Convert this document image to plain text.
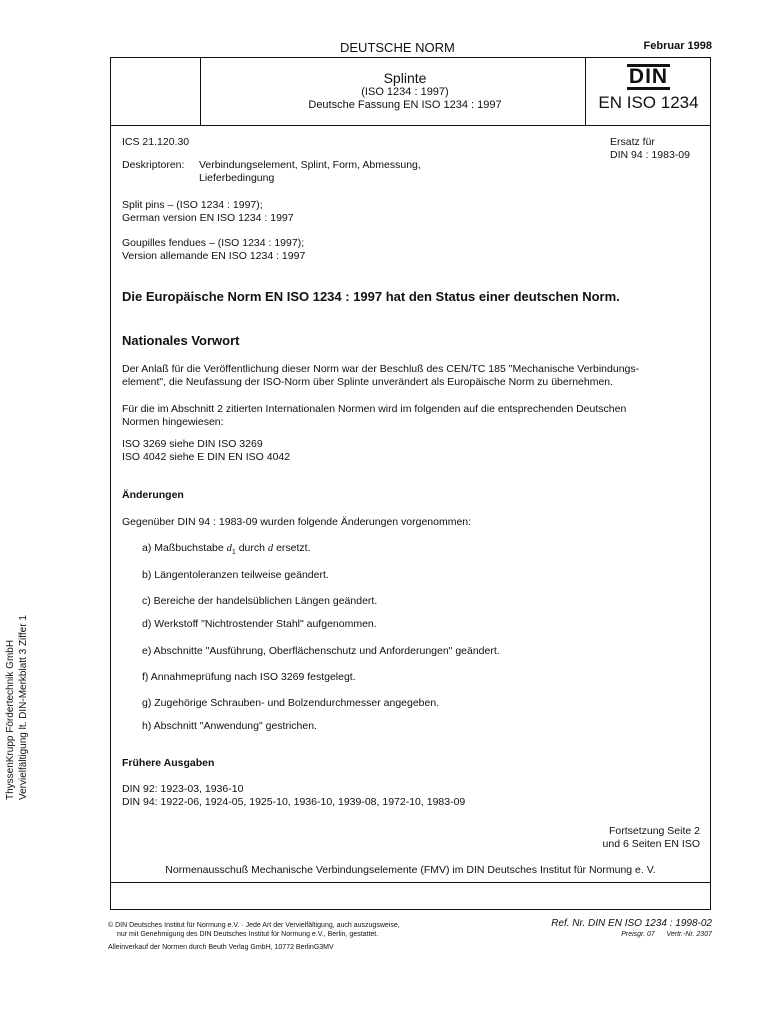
DEUTSCHE NORM	Februar 1998
ThyssenKrupp Fördertechnik GmbH Vervielfältigung lt. DIN-Merkblatt 3 Ziffer 1
Splinte
(ISO 1234 : 1997)
Deutsche Fassung EN ISO 1234 : 1997
DIN
EN ISO 1234
ICS 21.120.30
Deskriptoren: Verbindungselement, Splint, Form, Abmessung,
Lieferbedingung
Ersatz für
DIN 94 : 1983-09
Split pins – (ISO 1234 : 1997);
German version EN ISO 1234 : 1997
Goupilles fendues – (ISO 1234 : 1997);
Version allemande EN ISO 1234 : 1997
Die Europäische Norm EN ISO 1234 : 1997 hat den Status einer deutschen Norm.
Nationales Vorwort
Der Anlaß für die Veröffentlichung dieser Norm war der Beschluß des CEN/TC 185 "Mechanische Verbindungs-
element", die Neufassung der ISO-Norm über Splinte unverändert als Europäische Norm zu übernehmen.
Für die im Abschnitt 2 zitierten Internationalen Normen wird im folgenden auf die entsprechenden Deutschen
Normen hingewiesen:
ISO 3269 siehe DIN ISO 3269
ISO 4042 siehe E DIN EN ISO 4042
Änderungen
Gegenüber DIN 94 : 1983-09 wurden folgende Änderungen vorgenommen:
a) Maßbuchstabe $d_1$ durch d ersetzt.
b) Längentoleranzen teilweise geändert.
c) Bereiche der handelsüblichen Längen geändert.
d) Werkstoff "Nichtrostender Stahl" aufgenommen.
e) Abschnitte "Ausführung, Oberflächenschutz und Anforderungen" geändert.
f) Annahmeprüfung nach ISO 3269 festgelegt.
g) Zugehörige Schrauben- und Bolzendurchmesser angegeben.
h) Abschnitt "Anwendung" gestrichen.
Frühere Ausgaben
DIN 92: 1923-03, 1936-10
DIN 94: 1922-06, 1924-05, 1925-10, 1936-10, 1939-08, 1972-10, 1983-09
Fortsetzung Seite 2
und 6 Seiten EN ISO
Normenausschuß Mechanische Verbindungselemente (FMV) im DIN Deutsches Institut für Normung e. V.
© DIN Deutsches Institut für Normung e.V. · Jede Art der Vervielfältigung, auch auszugsweise,
nur mit Genehmigung des DIN Deutsches Institut für Normung e.V., Berlin, gestattet.
Alleinverkauf der Normen durch Beuth Verlag GmbH, 10772 BerlinG3MV
Ref. Nr. DIN EN ISO 1234 : 1998-02
Preisgr. 07      Vertr.-Nr. 2307
